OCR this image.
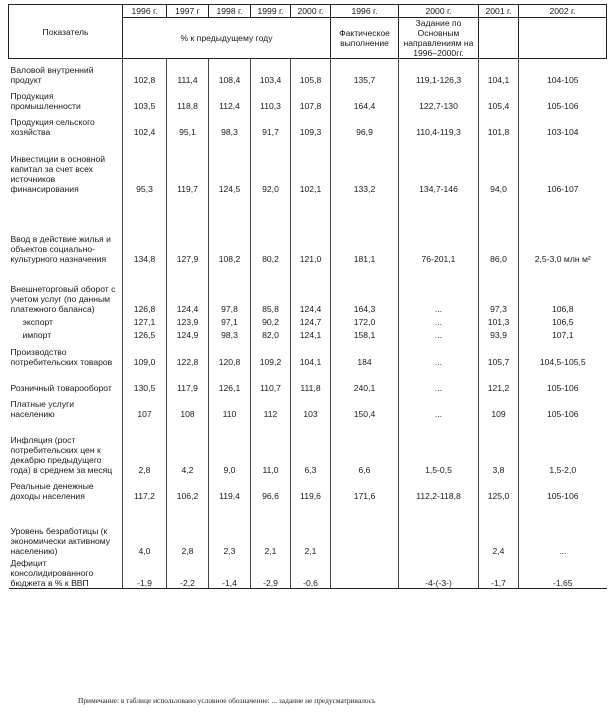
Показатель	1996 г.	1997 г	1998 г.	1999 г.	2000 г.	1996 г.	2000 г.	2001 г.	2002 г.
	% к предыдущему году					Фактическое выполнение	Задание по Основным направлениям на 1996–2000гг.		
Валовой внутренний продукт	102,8	111,4	108,4	103,4	105,8	135,7	119,1-126,3	104,1	104-105
Продукция промышленности	103,5	118,8	112,4	110,3	107,8	164,4	122,7-130	105,4	105-106
Продукция сельского хозяйства	102,4	95,1	98,3	91,7	109,3	96,9	110,4-119,3	101,8	103-104
Инвестиции в основной капитал за счет всех источников финансирования	95,3	119,7	124,5	92,0	102,1	133,2	134,7-146	94,0	106-107
Ввод в действие жилья и объектов социально-культурного назначения	134,8	127,9	108,2	80,2	121,0	181,1	76-201,1	86,0	2,5-3,0 млн м²
Внешнеторговый оборот с учетом услуг (по данным платежного баланса)	126,8	124,4	97,8	85,8	124,4	164,3	...	97,3	106,8
экспорт	127,1	123,9	97,1	90,2	124,7	172,0	...	101,3	106,5
импорт	126,5	124,9	98,3	82,0	124,1	158,1	...	93,9	107,1
Производство потребительских товаров	109,0	122,8	120,8	109,2	104,1	184	...	105,7	104,5-105,5
Розничный товарооборот	130,5	117,9	126,1	110,7	111,8	240,1	...	121,2	105-106
Платные услуги населению	107	108	110	112	103	150,4	...	109	105-106
Инфляция (рост потребительских цен к декабрю предыдущего года) в среднем за месяц	2,8	4,2	9,0	11,0	6,3	6,6	1,5-0,5	3,8	1,5-2,0
Реальные денежные доходы населения	117,2	106,2	119,4	96,6	119,6	171,6	112,2-118,8	125,0	105-106
Уровень безработицы (к экономически активному населению)	4,0	2,8	2,3	2,1	2,1			2,4	...
Дефицит консолидированного бюджета в % к ВВП	-1,9	-2,2	-1,4	-2,9	-0,6		-4-(-3-)	-1,7	-1,65
Примечание: в таблице использовано условное обозначение: ... задание не предусматривалось
